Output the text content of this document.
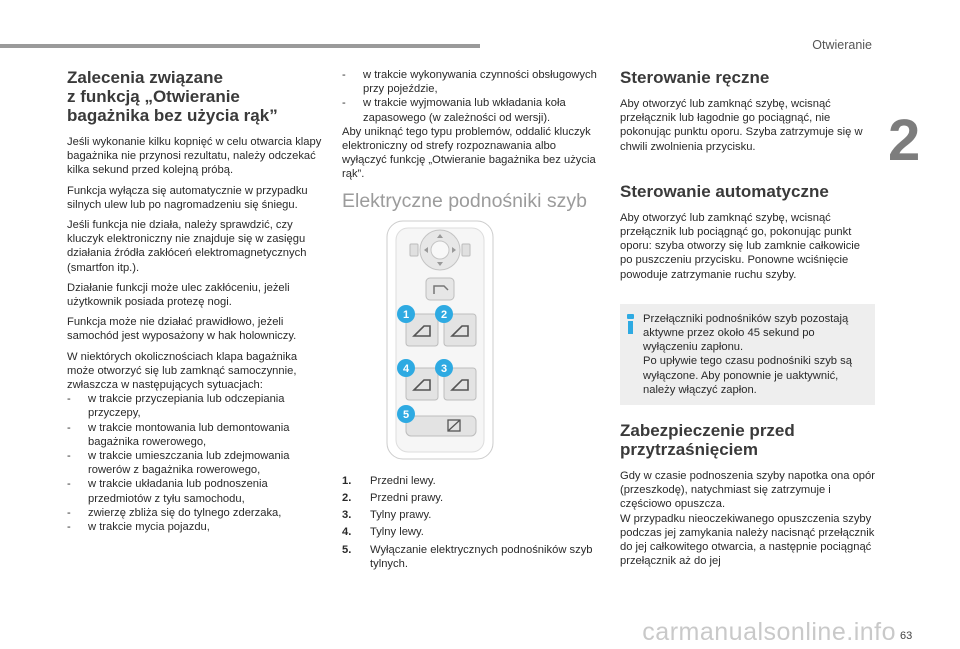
Otwieranie
2
63
carmanualsonline.info
Zalecenia związane
z funkcją „Otwieranie
bagażnika bez użycia rąk”

Jeśli wykonanie kilku kopnięć w celu otwarcia klapy bagażnika nie przynosi rezultatu, należy odczekać kilka sekund przed kolejną próbą.

Funkcja wyłącza się automatycznie w przypadku silnych ulew lub po nagromadzeniu się śniegu.

Jeśli funkcja nie działa, należy sprawdzić, czy kluczyk elektroniczny nie znajduje się w zasięgu działania źródła zakłóceń elektromagnetycznych (smartfon itp.).

Działanie funkcji może ulec zakłóceniu, jeżeli użytkownik posiada protezę nogi.

Funkcja może nie działać prawidłowo, jeżeli samochód jest wyposażony w hak holowniczy.

W niektórych okolicznościach klapa bagażnika może otworzyć się lub zamknąć samoczynnie, zwłaszcza w następujących sytuacjach:

- w trakcie przyczepiania lub odczepiania przyczepy,
- w trakcie montowania lub demontowania bagażnika rowerowego,
- w trakcie umieszczania lub zdejmowania rowerów z bagażnika rowerowego,
- w trakcie układania lub podnoszenia przedmiotów z tyłu samochodu,
- zwierzę zbliża się do tylnego zderzaka,
- w trakcie mycia pojazdu,
- w trakcie wykonywania czynności obsługowych przy pojeździe,
- w trakcie wyjmowania lub wkładania koła zapasowego (w zależności od wersji).

Aby uniknąć tego typu problemów, oddalić kluczyk elektroniczny od strefy rozpoznawania albo wyłączyć funkcję „Otwieranie bagażnika bez użycia rąk”.

Elektryczne podnośniki szyb
1	2
4	3
5
1. Przedni lewy.
2. Przedni prawy.
3. Tylny prawy.
4. Tylny lewy.
5. Wyłączanie elektrycznych podnośników szyb tylnych.
Sterowanie ręczne

Aby otworzyć lub zamknąć szybę, wcisnąć przełącznik lub łagodnie go pociągnąć, nie pokonując punktu oporu. Szyba zatrzymuje się w chwili zwolnienia przycisku.

Sterowanie automatyczne

Aby otworzyć lub zamknąć szybę, wcisnąć przełącznik lub pociągnąć go, pokonując punkt oporu: szyba otworzy się lub zamknie całkowicie po puszczeniu przycisku. Ponowne wciśnięcie powoduje zatrzymanie ruchu szyby.

Przełączniki podnośników szyb pozostają aktywne przez około 45 sekund po wyłączeniu zapłonu.

Po upływie tego czasu podnośniki szyb są wyłączone. Aby ponownie je uaktywnić, należy włączyć zapłon.

Zabezpieczenie przed
przytrzaśnięciem

Gdy w czasie podnoszenia szyby napotka ona opór (przeszkodę), natychmiast się zatrzymuje i częściowo opuszcza.

W przypadku nieoczekiwanego opuszczenia szyby podczas jej zamykania należy nacisnąć przełącznik do jej całkowitego otwarcia, a następnie pociągnąć przełącznik aż do jej
